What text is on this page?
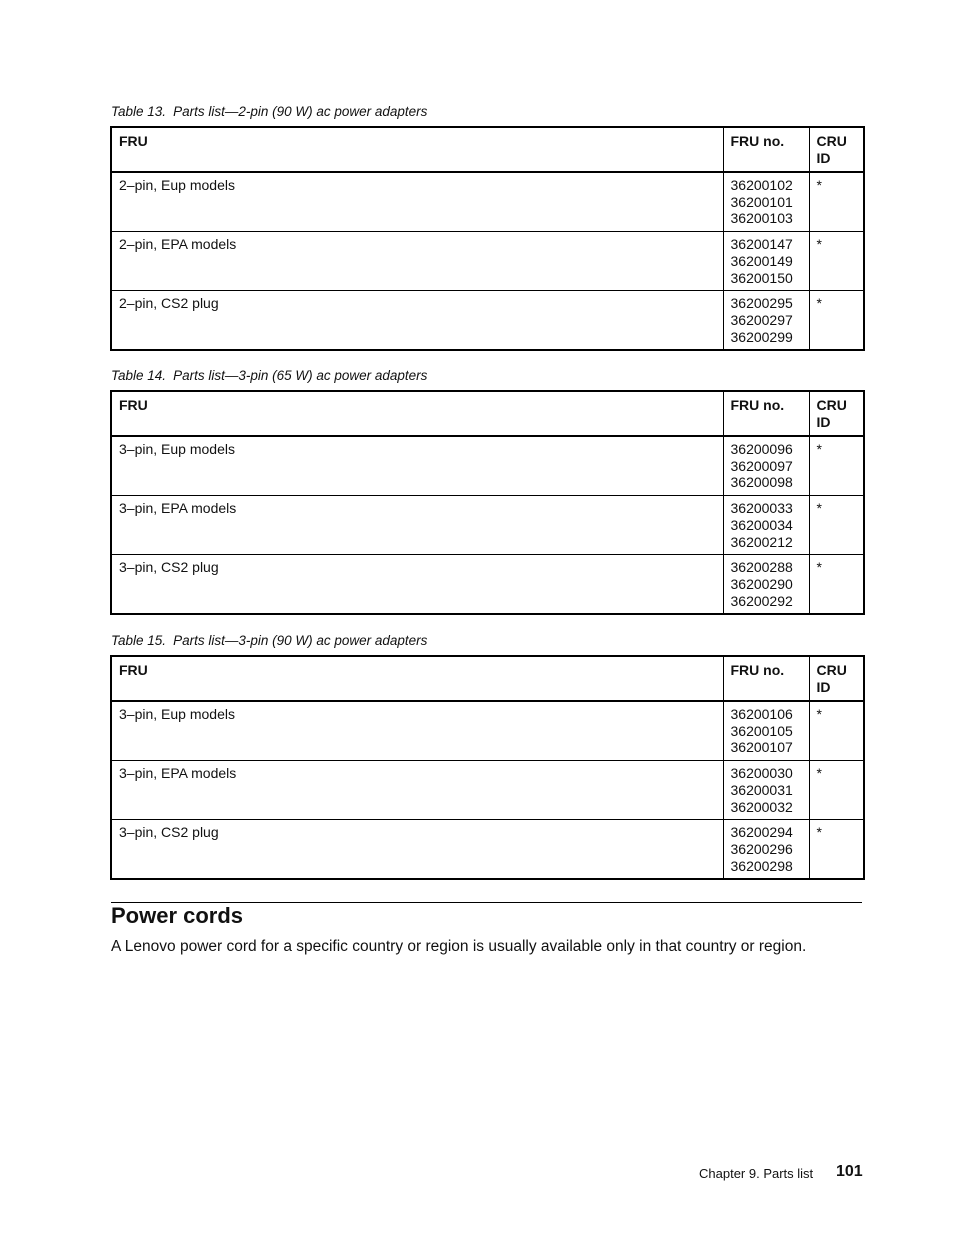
Table 13. Parts list—2-pin (90 W) ac power adapters
FRU	FRU no.	CRU ID
2–pin, Eup models	36200102
36200101
36200103	*
2–pin, EPA models	36200147
36200149
36200150	*
2–pin, CS2 plug	36200295
36200297
36200299	*
Table 14. Parts list—3-pin (65 W) ac power adapters
FRU	FRU no.	CRU ID
3–pin, Eup models	36200096
36200097
36200098	*
3–pin, EPA models	36200033
36200034
36200212	*
3–pin, CS2 plug	36200288
36200290
36200292	*
Table 15. Parts list—3-pin (90 W) ac power adapters
FRU	FRU no.	CRU ID
3–pin, Eup models	36200106
36200105
36200107	*
3–pin, EPA models	36200030
36200031
36200032	*
3–pin, CS2 plug	36200294
36200296
36200298	*
Power cords
A Lenovo power cord for a specific country or region is usually available only in that country or region.
Chapter 9. Parts list 101
